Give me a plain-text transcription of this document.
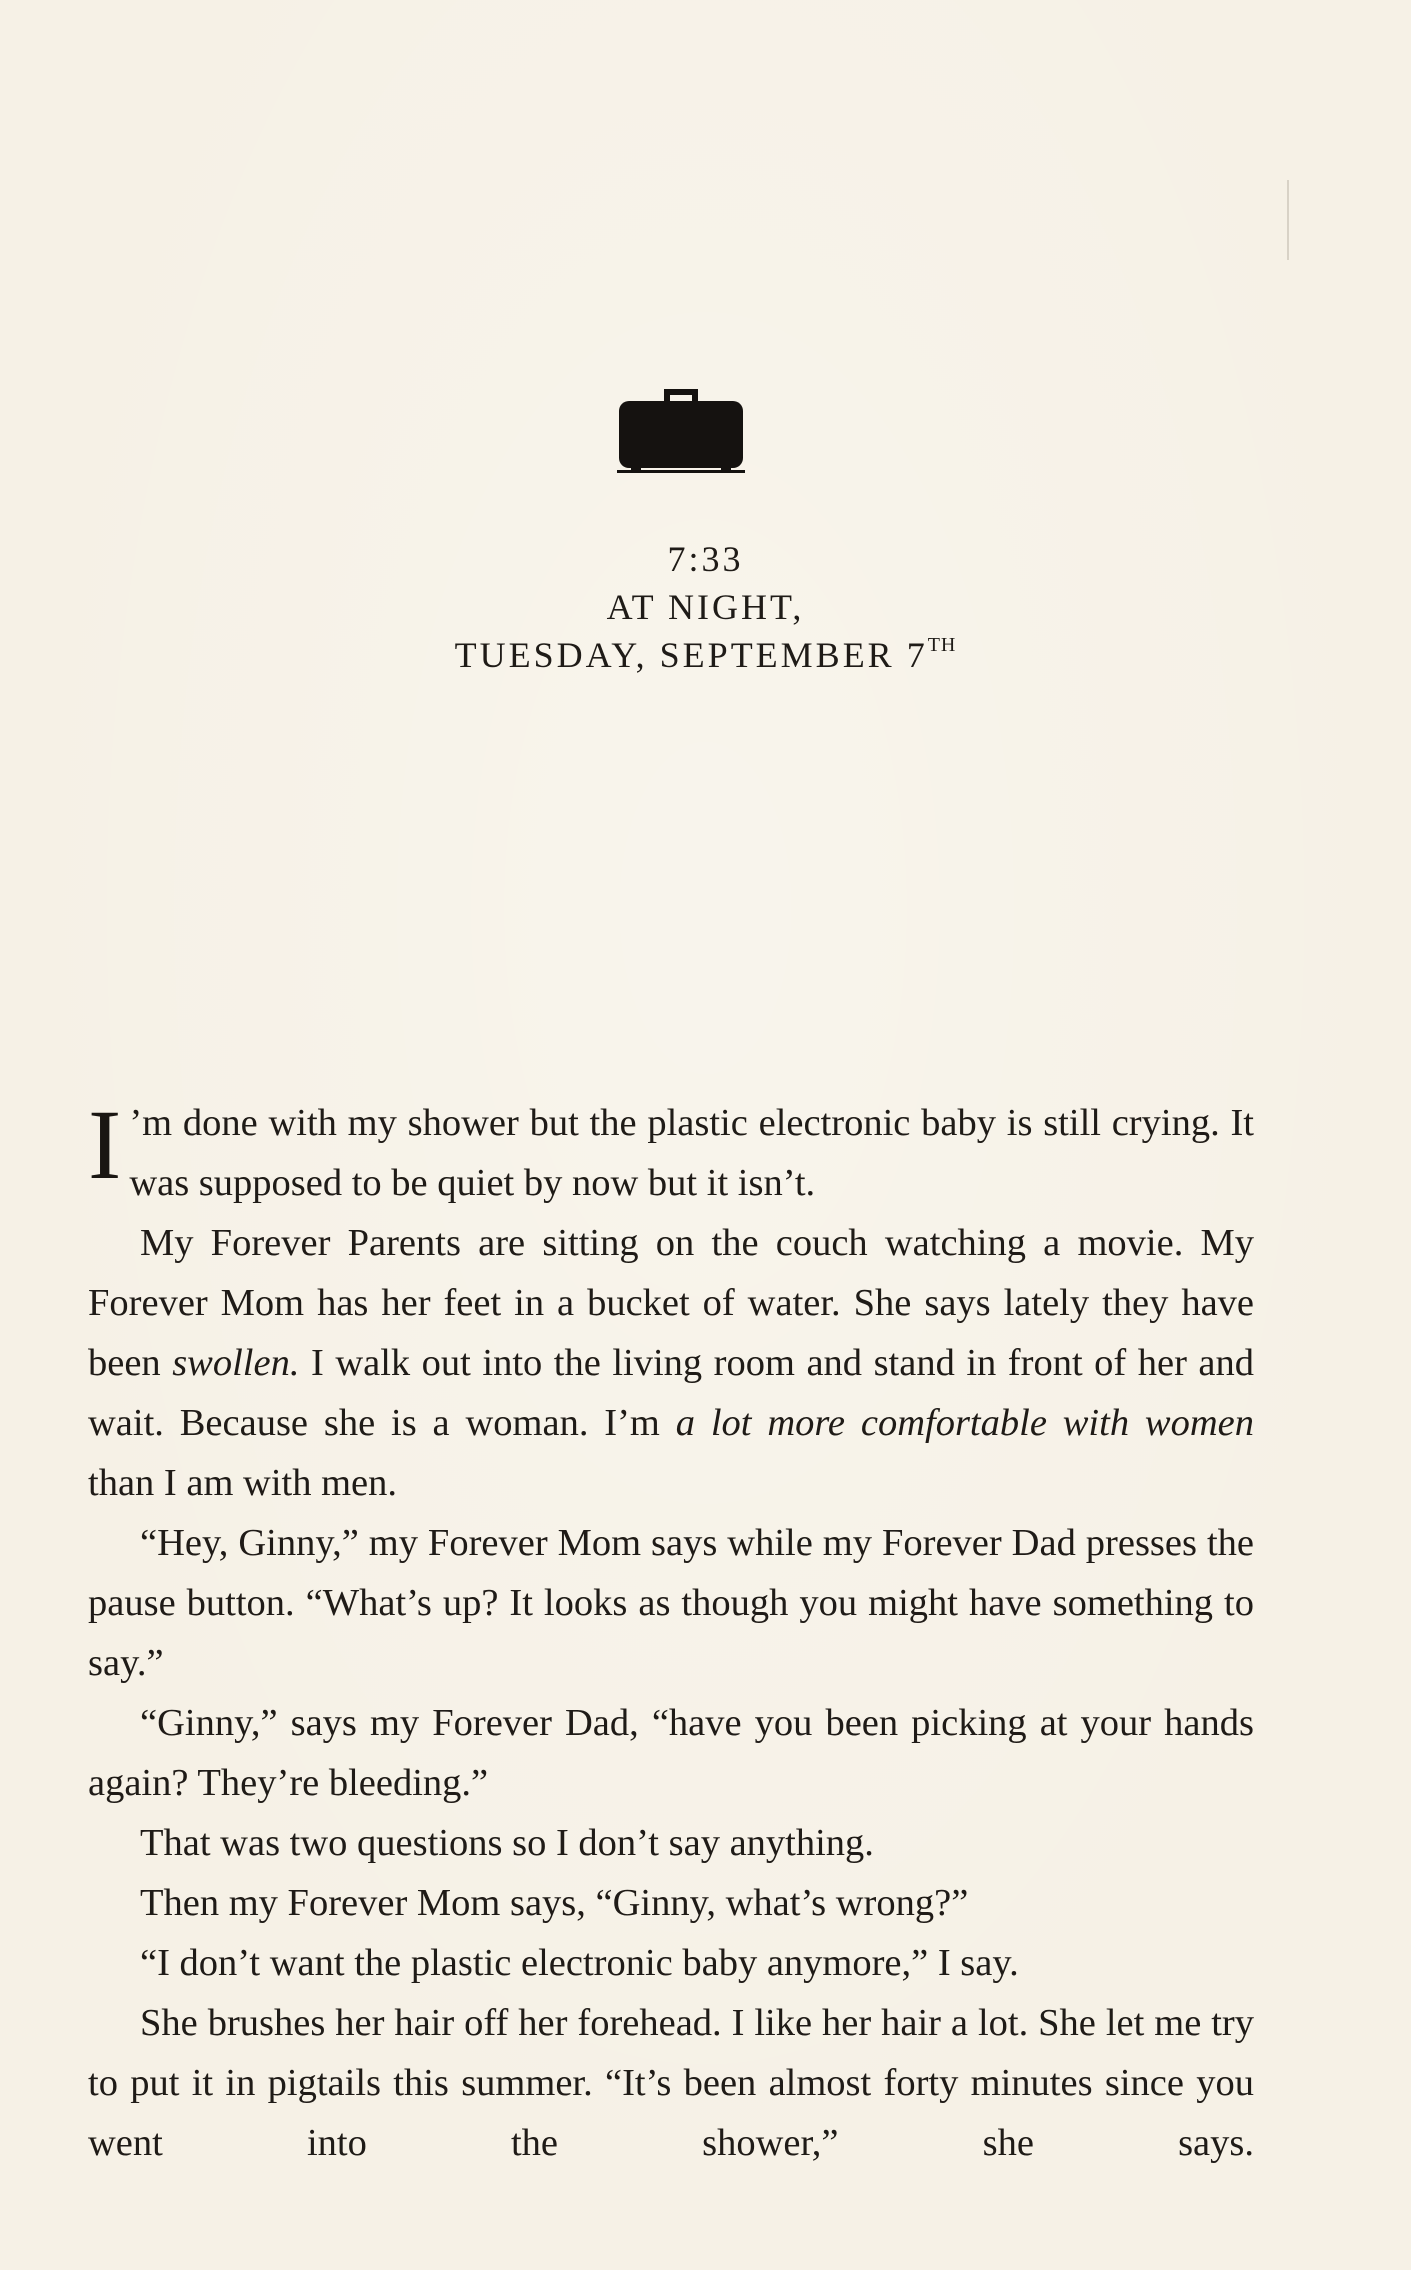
7:33
AT NIGHT,
TUESDAY, SEPTEMBER 7TH

I ’m done with my shower but the plastic electronic baby is still crying. It was supposed to be quiet by now but it isn’t.

My Forever Parents are sitting on the couch watching a movie. My Forever Mom has her feet in a bucket of water. She says lately they have been swollen. I walk out into the living room and stand in front of her and wait. Because she is a woman. I’m a lot more comfortable with women than I am with men.

“Hey, Ginny,” my Forever Mom says while my Forever Dad presses the pause button. “What’s up? It looks as though you might have something to say.”

“Ginny,” says my Forever Dad, “have you been picking at your hands again? They’re bleeding.”

That was two questions so I don’t say anything.

Then my Forever Mom says, “Ginny, what’s wrong?”

“I don’t want the plastic electronic baby anymore,” I say.

She brushes her hair off her forehead. I like her hair a lot. She let me try to put it in pigtails this summer. “It’s been almost forty minutes since you went into the shower,” she says.
